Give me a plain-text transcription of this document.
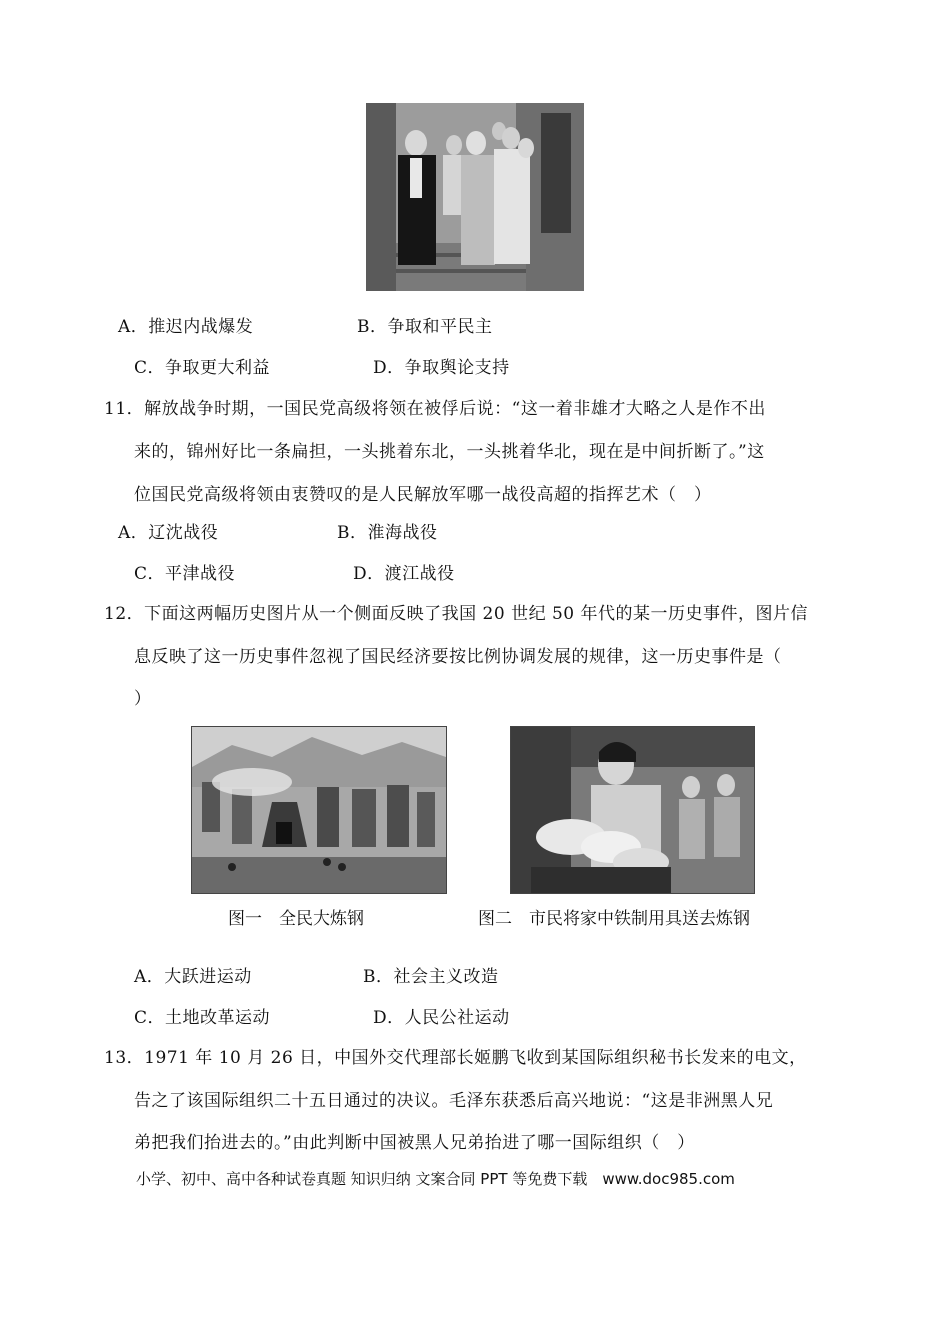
A．推迟内战爆发	B．争取和平民主
C．争取更大利益	D．争取舆论支持
11．解放战争时期，一国民党高级将领在被俘后说：“这一着非雄才大略之人是作不出
来的，锦州好比一条扁担，一头挑着东北，一头挑着华北，现在是中间折断了。”这
位国民党高级将领由衷赞叹的是人民解放军哪一战役高超的指挥艺术（　）
A．辽沈战役	B．淮海战役
C．平津战役	D．渡江战役
12．下面这两幅历史图片从一个侧面反映了我国 20 世纪 50 年代的某一历史事件，图片信
息反映了这一历史事件忽视了国民经济要按比例协调发展的规律，这一历史事件是（
）
图一　全民大炼钢	图二　市民将家中铁制用具送去炼钢
A．大跃进运动	B．社会主义改造
C．土地改革运动	D．人民公社运动
13．1971 年 10 月 26 日，中国外交代理部长姬鹏飞收到某国际组织秘书长发来的电文，
告之了该国际组织二十五日通过的决议。毛泽东获悉后高兴地说：“这是非洲黑人兄
弟把我们抬进去的。”由此判断中国被黑人兄弟抬进了哪一国际组织（　）
小学、初中、高中各种试卷真题 知识归纳 文案合同 PPT 等免费下载　www.doc985.com
